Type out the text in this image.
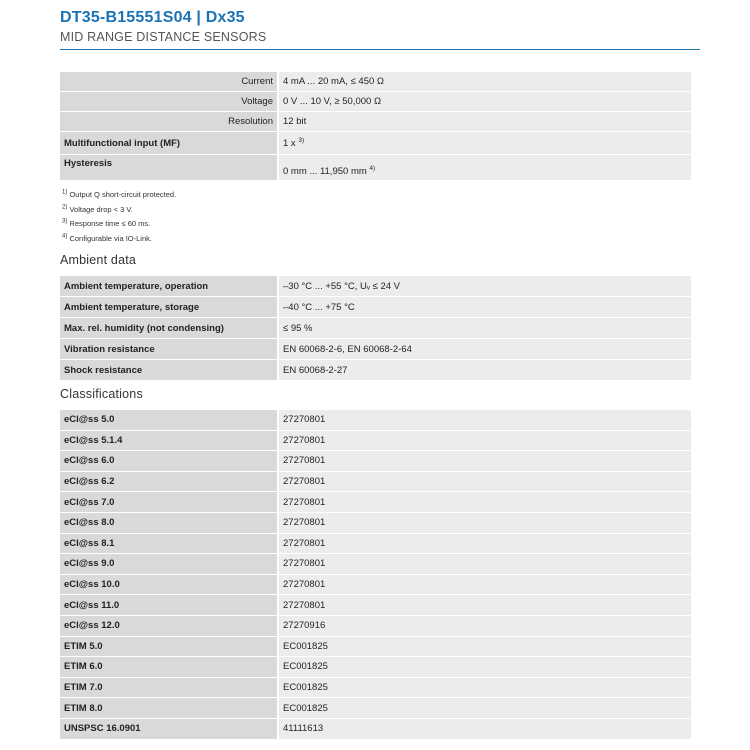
DT35-B15551S04 | Dx35
MID RANGE DISTANCE SENSORS
Current	4 mA ... 20 mA, ≤ 450 Ω
Voltage	0 V ... 10 V, ≥ 50,000 Ω
Resolution	12 bit
Multifunctional input (MF)	1 x $^{3)}$
Hysteresis	0 mm ... 11,950 mm $^{4)}$
$^{1)}$ Output Q short-circuit protected.
$^{2)}$ Voltage drop < 3 V.
$^{3)}$ Response time ≤ 60 ms.
$^{4)}$ Configurable via IO-Link.
Ambient data
Ambient temperature, operation	–30 °C ... +55 °C, Uᵥ ≤ 24 V
Ambient temperature, storage	–40 °C ... +75 °C
Max. rel. humidity (not condensing)	≤ 95 %
Vibration resistance	EN 60068-2-6, EN 60068-2-64
Shock resistance	EN 60068-2-27
Classifications
eCl@ss 5.0	27270801
eCl@ss 5.1.4	27270801
eCl@ss 6.0	27270801
eCl@ss 6.2	27270801
eCl@ss 7.0	27270801
eCl@ss 8.0	27270801
eCl@ss 8.1	27270801
eCl@ss 9.0	27270801
eCl@ss 10.0	27270801
eCl@ss 11.0	27270801
eCl@ss 12.0	27270916
ETIM 5.0	EC001825
ETIM 6.0	EC001825
ETIM 7.0	EC001825
ETIM 8.0	EC001825
UNSPSC 16.0901	41111613
